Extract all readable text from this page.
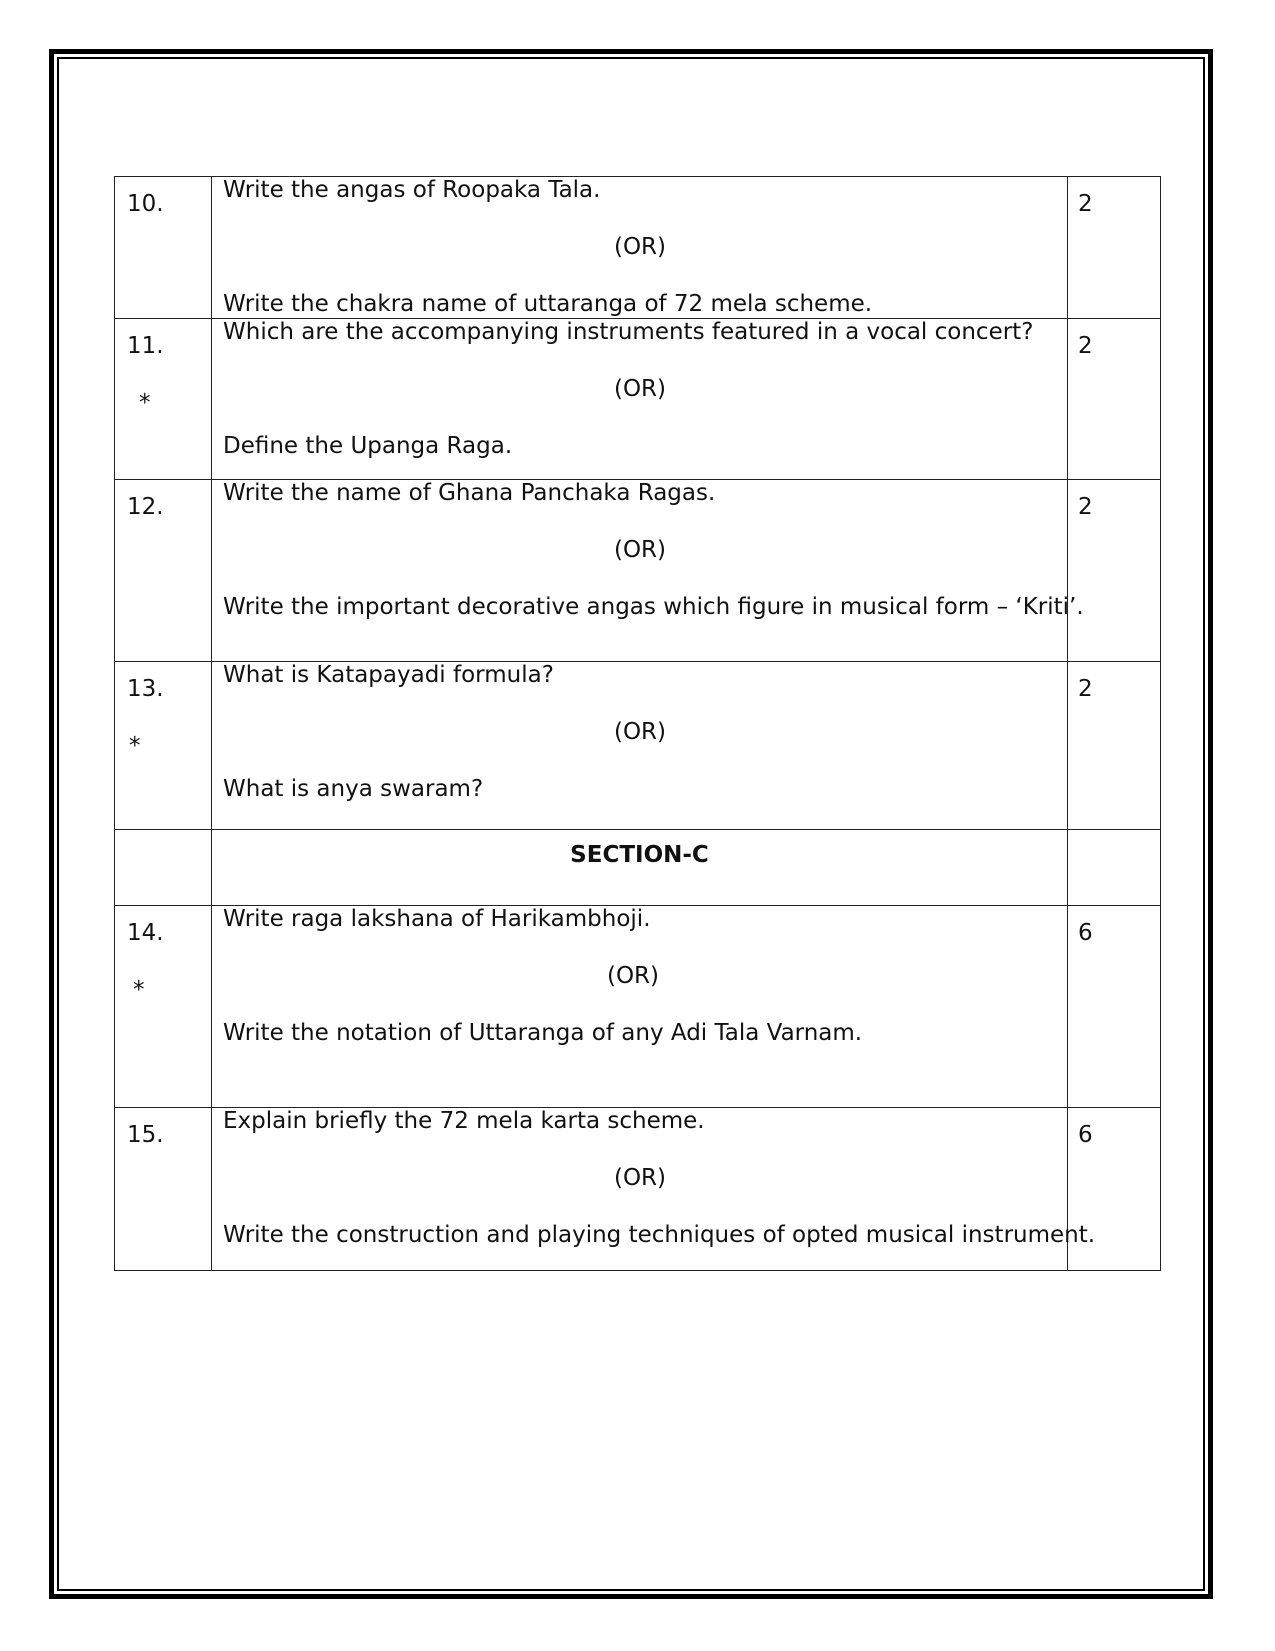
10.	Write the angas of Roopaka Tala.
(OR)
Write the chakra name of uttaranga of 72 mela scheme.	2
11.
*	Which are the accompanying instruments featured in a vocal concert?
(OR)
Define the Upanga Raga.	2
12.	Write the name of Ghana Panchaka Ragas.
(OR)
Write the important decorative angas which figure in musical form – ‘Kriti’.	2
13.
*	What is Katapayadi formula?
(OR)
What is anya swaram?	2
	SECTION-C	
14.
*	Write raga lakshana of Harikambhoji.
(OR)
Write the notation of Uttaranga of any Adi Tala Varnam.	6
15.	Explain briefly the 72 mela karta scheme.
(OR)
Write the construction and playing techniques of opted musical instrument.	6
